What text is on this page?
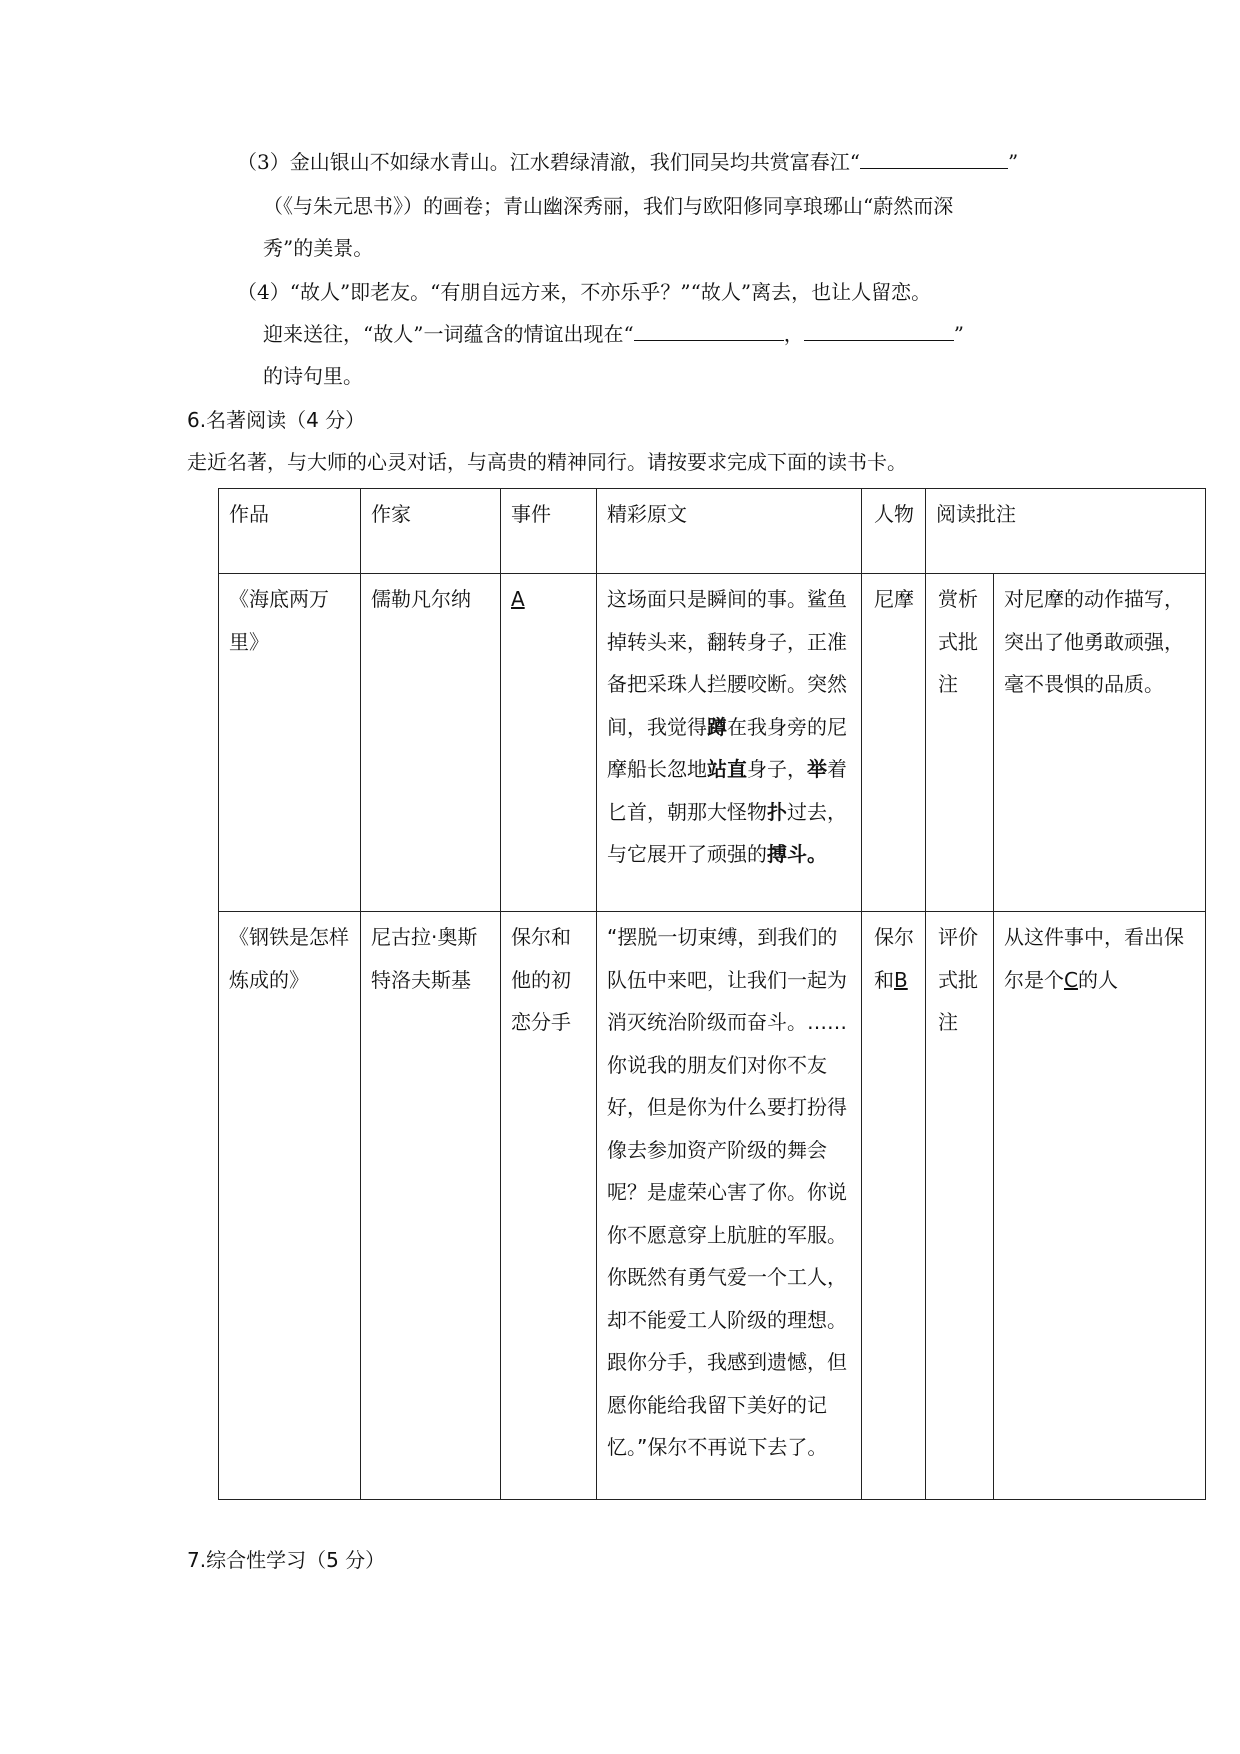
（3）金山银山不如绿水青山。江水碧绿清澈，我们同吴均共赏富春江“	”
（《与朱元思书》）的画卷；青山幽深秀丽，我们与欧阳修同享琅琊山“蔚然而深
秀”的美景。
（4）“故人”即老友。“有朋自远方来，不亦乐乎？”“故人”离去，也让人留恋。
迎来送往，“故人”一词蕴含的情谊出现在“	，	”
的诗句里。
6.名著阅读（4 分）
走近名著，与大师的心灵对话，与高贵的精神同行。请按要求完成下面的读书卡。
作品	作家	事件	精彩原文	人物	阅读批注	
《海底两万里》	儒勒凡尔纳	A	这场面只是瞬间的事。鲨鱼掉转头来，翻转身子，正准备把采珠人拦腰咬断。突然间，我觉得蹲在我身旁的尼摩船长忽地站直身子，举着匕首，朝那大怪物扑过去，与它展开了顽强的搏斗。	尼摩	赏析式批注	对尼摩的动作描写，突出了他勇敢顽强，毫不畏惧的品质。
《钢铁是怎样炼成的》	尼古拉·奥斯特洛夫斯基	保尔和他的初恋分手	“摆脱一切束缚，到我们的队伍中来吧，让我们一起为消灭统治阶级而奋斗。……你说我的朋友们对你不友好，但是你为什么要打扮得像去参加资产阶级的舞会呢？是虚荣心害了你。你说你不愿意穿上肮脏的军服。你既然有勇气爱一个工人，却不能爱工人阶级的理想。跟你分手，我感到遗憾，但愿你能给我留下美好的记忆。”保尔不再说下去了。	保尔和B	评价式批注	从这件事中，看出保尔是个C的人
7.综合性学习（5 分）
